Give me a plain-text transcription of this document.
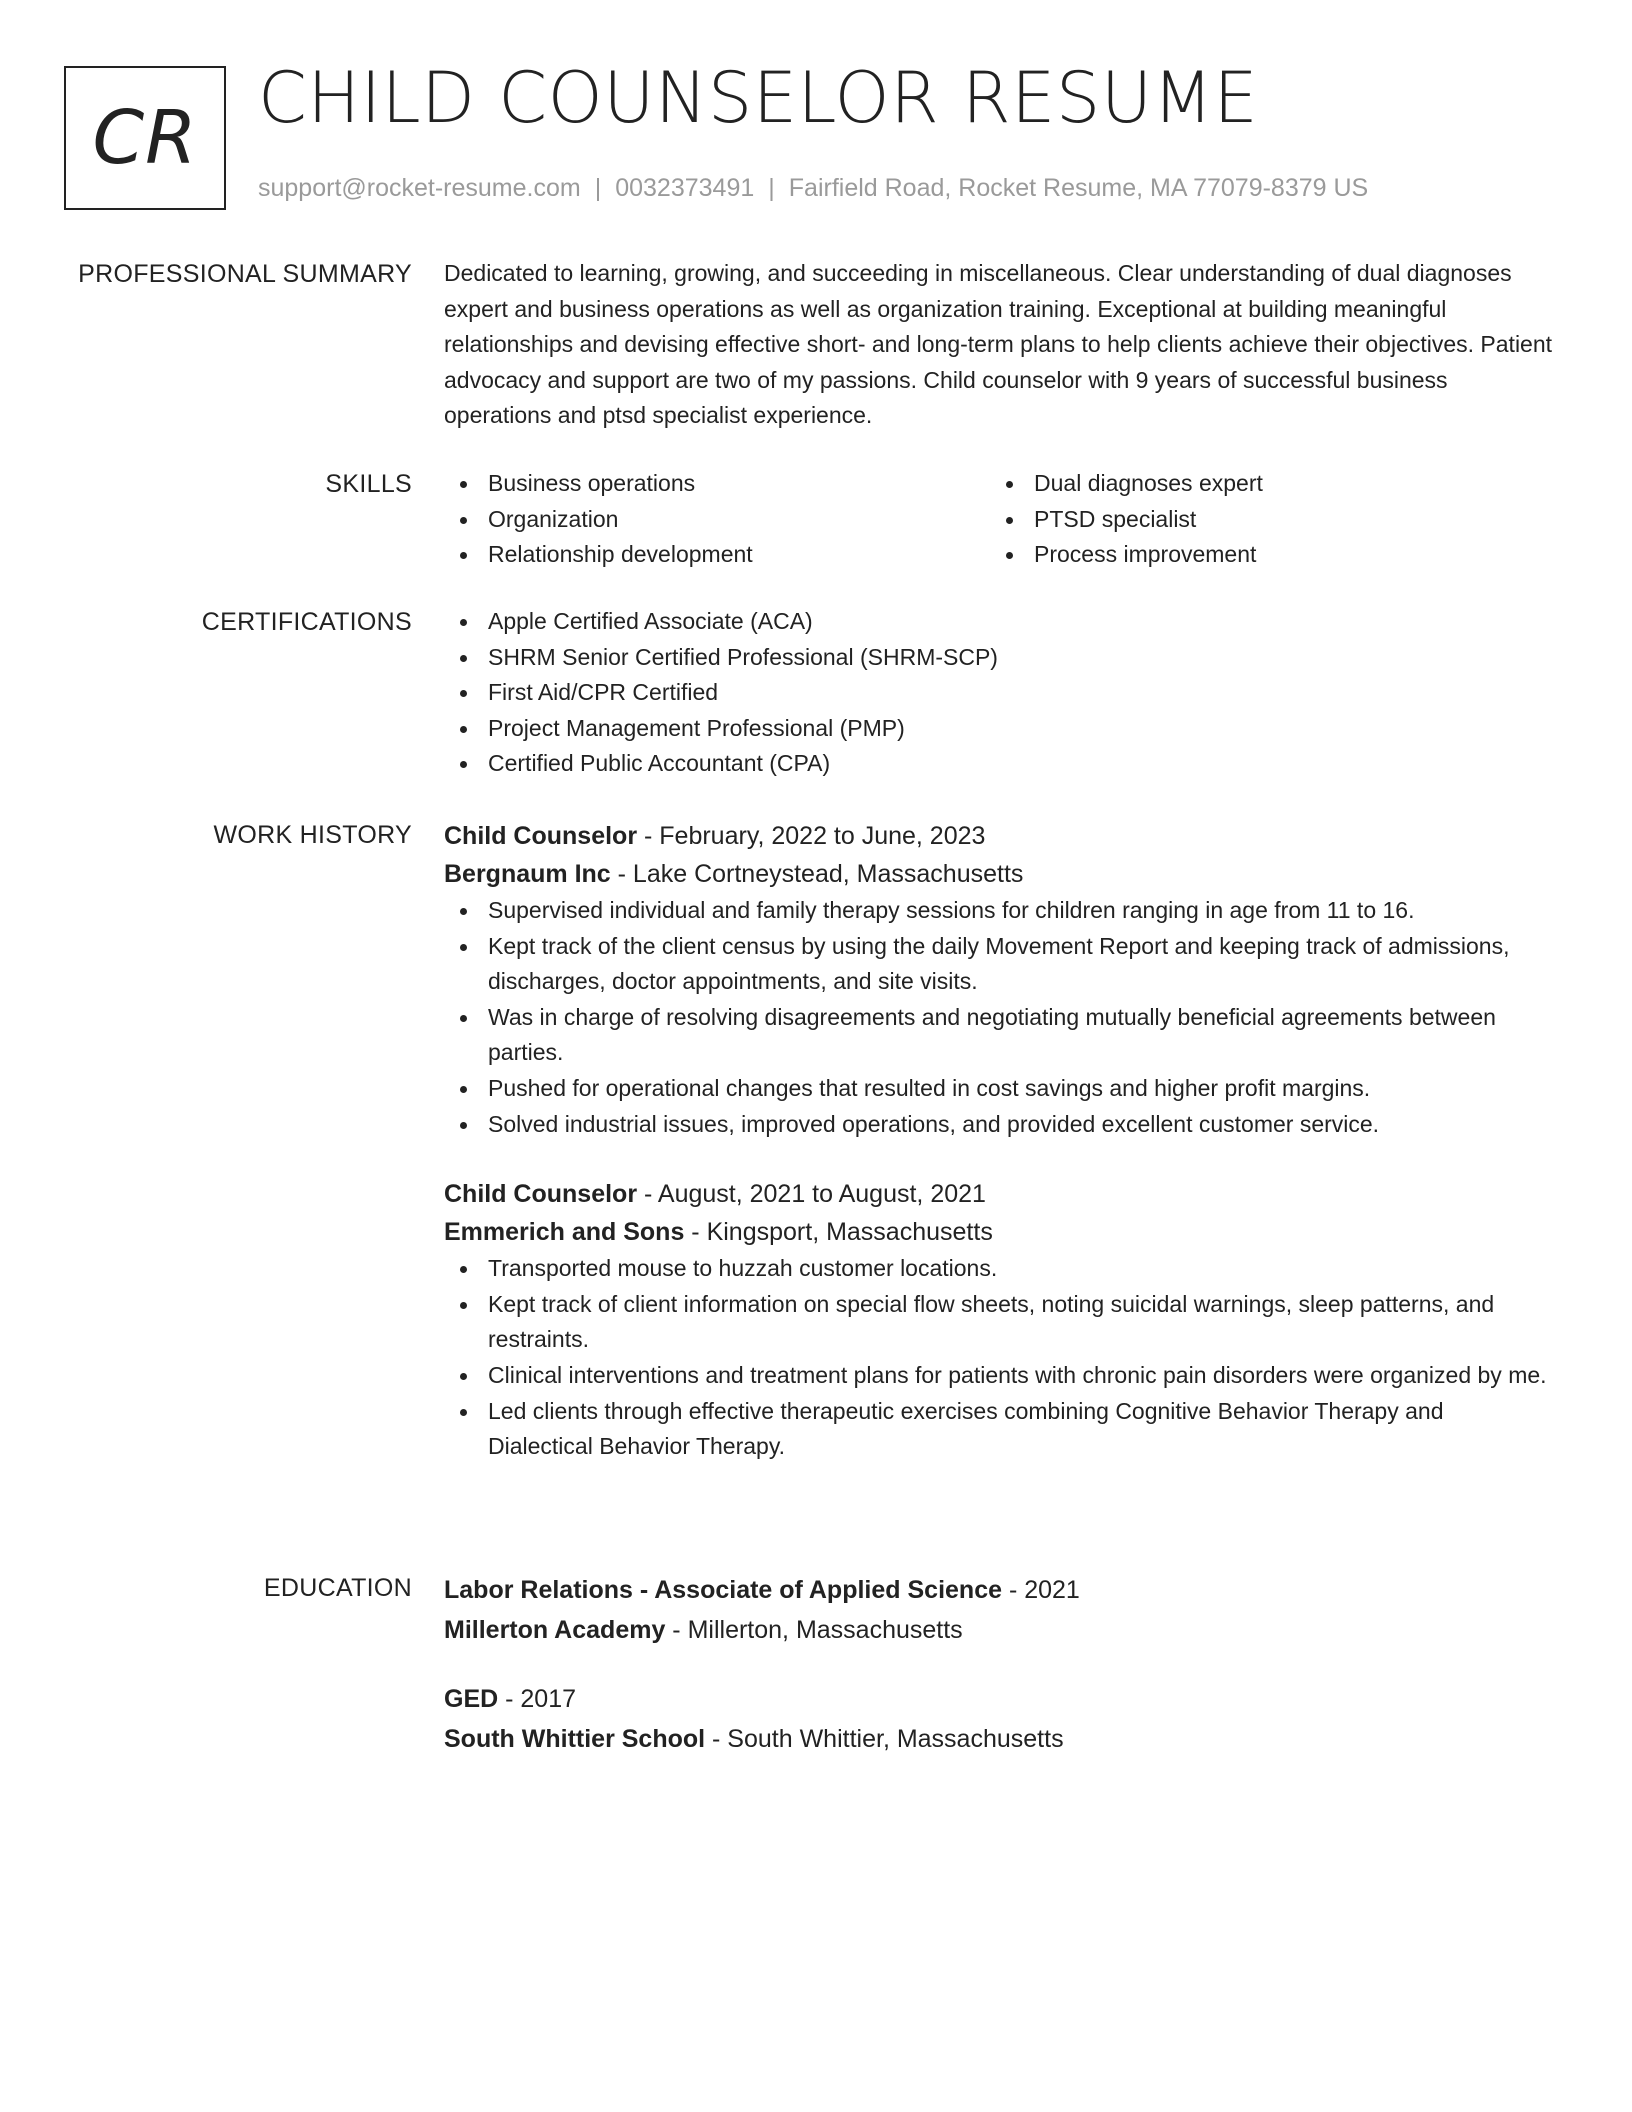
CR CHILD COUNSELOR RESUME
support@rocket-resume.com | 0032373491 | Fairfield Road, Rocket Resume, MA 77079-8379 US
PROFESSIONAL SUMMARY Dedicated to learning, growing, and succeeding in miscellaneous. Clear understanding of dual diagnoses expert and business operations as well as organization training. Exceptional at building meaningful relationships and devising effective short- and long-term plans to help clients achieve their objectives. Patient advocacy and support are two of my passions. Child counselor with 9 years of successful business operations and ptsd specialist experience.

SKILLS	Business operations
Organization
Relationship development
Dual diagnoses expert
PTSD specialist
Process improvement
CERTIFICATIONS	Apple Certified Associate (ACA)
SHRM Senior Certified Professional (SHRM-SCP)
First Aid/CPR Certified
Project Management Professional (PMP)
Certified Public Accountant (CPA)
WORK HISTORY Child Counselor - February, 2022 to June, 2023
Bergnaum Inc - Lake Cortneystead, Massachusetts
Supervised individual and family therapy sessions for children ranging in age from 11 to 16.
Kept track of the client census by using the daily Movement Report and keeping track of admissions, discharges, doctor appointments, and site visits.
Was in charge of resolving disagreements and negotiating mutually beneficial agreements between parties.
Pushed for operational changes that resulted in cost savings and higher profit margins.
Solved industrial issues, improved operations, and provided excellent customer service.
Child Counselor - August, 2021 to August, 2021
Emmerich and Sons - Kingsport, Massachusetts
Transported mouse to huzzah customer locations.
Kept track of client information on special flow sheets, noting suicidal warnings, sleep patterns, and restraints.
Clinical interventions and treatment plans for patients with chronic pain disorders were organized by me.
Led clients through effective therapeutic exercises combining Cognitive Behavior Therapy and Dialectical Behavior Therapy.
EDUCATION Labor Relations - Associate of Applied Science - 2021
Millerton Academy - Millerton, Massachusetts
GED - 2017
South Whittier School - South Whittier, Massachusetts
